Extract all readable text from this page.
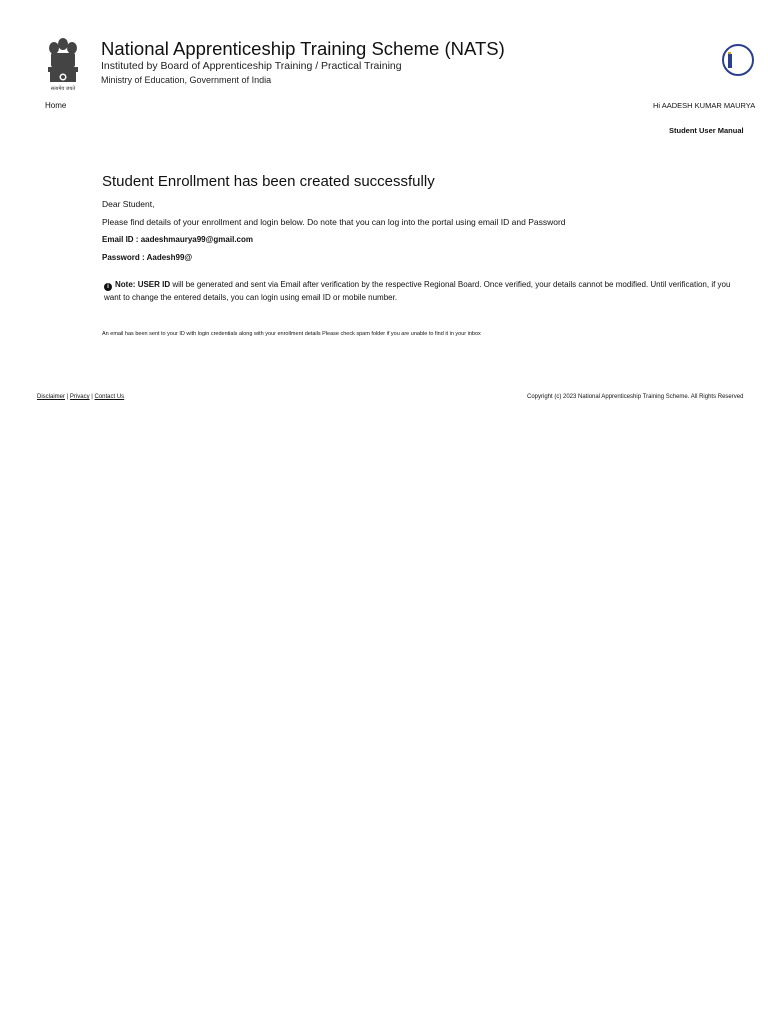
सत्यमेव जयते
National Apprenticeship Training Scheme (NATS)
Instituted by Board of Apprenticeship Training / Practical Training
Ministry of Education, Government of India
Home	Hi AADESH KUMAR MAURYA
Student User Manual
Student Enrollment has been created successfully
Dear Student,
Please find details of your enrollment and login below. Do note that you can log into the portal using email ID and Password
Email ID : aadeshmaurya99@gmail.com
Password : Aadesh99@
i Note: USER ID will be generated and sent via Email after verification by the respective Regional Board. Once verified, your details cannot be modified. Until verification, if you want to change the entered details, you can login using email ID or mobile number.
An email has been sent to your ID with login credentials along with your enrollment details Please check spam folder if you are unable to find it in your inbox
Disclaimer | Privacy | Contact Us	Copyright (c) 2023 National Apprenticeship Training Scheme. All Rights Reserved
